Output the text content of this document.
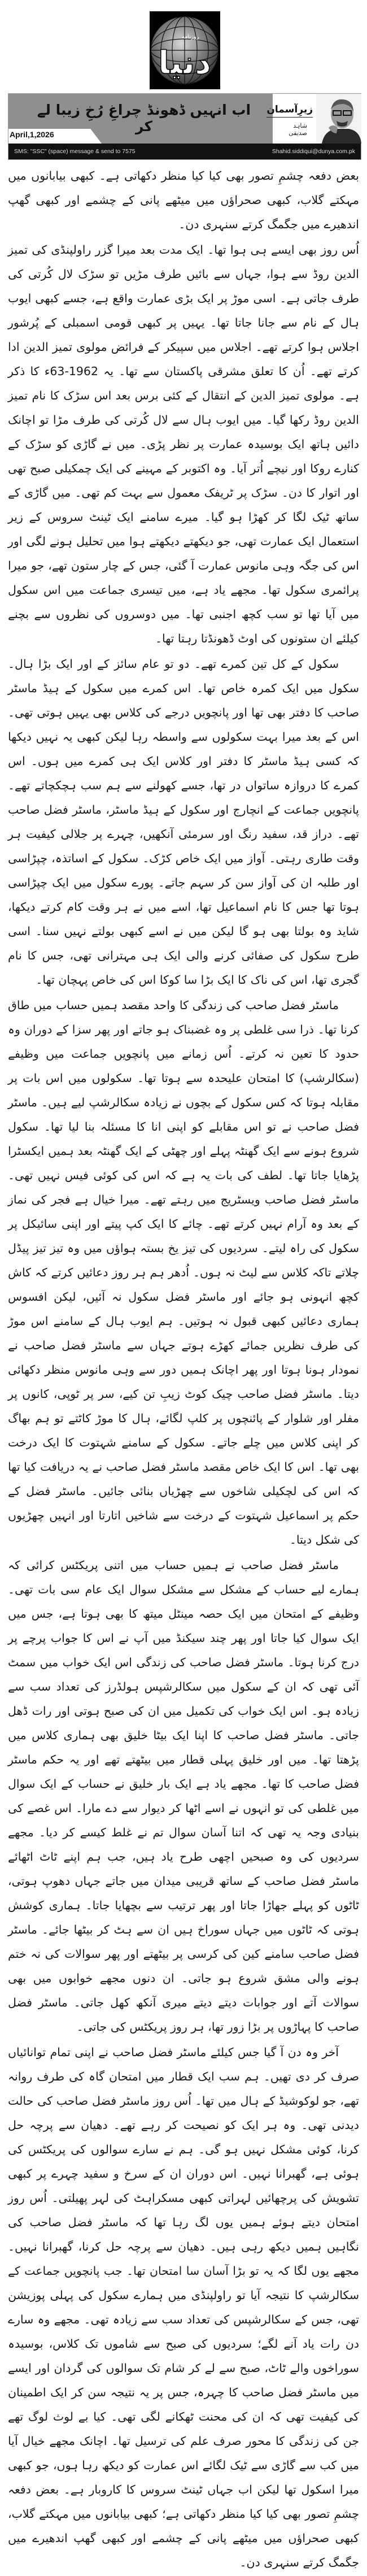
دنیا
روزنامہ
اب انہیں ڈھونڈ چراغِ رُخِ زیبا لے کر
April,1,2026
زیرِآسمان
شاہد صدیقی
SMS: "SSC" (space) message & send to 7575	Shahid.siddiqui@dunya.com.pk

بعض دفعہ چشمِ تصور بھی کیا کیا منظر دکھاتی ہے۔ کبھی بیابانوں میں مہکتے گلاب، کبھی صحراؤں میں میٹھے پانی کے چشمے اور کبھی گھپ اندھیرے میں جگمگ کرتے سنہری دن۔

اُس روز بھی ایسے ہی ہوا تھا۔ ایک مدت بعد میرا گزر راولپنڈی کی تمیز الدین روڈ سے ہوا، جہاں سے بائیں طرف مڑیں تو سڑک لال کُرتی کی طرف جاتی ہے۔ اسی موڑ پر ایک بڑی عمارت واقع ہے، جسے کبھی ایوب ہال کے نام سے جانا جاتا تھا۔ یہیں پر کبھی قومی اسمبلی کے پُرشور اجلاس ہوا کرتے تھے۔ اجلاس میں سپیکر کے فرائض مولوی تمیز الدین ادا کرتے تھے۔ اُن کا تعلق مشرقی پاکستان سے تھا۔ یہ 1962-63ء کا ذکر ہے۔ مولوی تمیز الدین کے انتقال کے کئی برس بعد اس سڑک کا نام تمیز الدین روڈ رکھا گیا۔ میں ایوب ہال سے لال کُرتی کی طرف مڑا تو اچانک دائیں ہاتھ ایک بوسیدہ عمارت پر نظر پڑی۔ میں نے گاڑی کو سڑک کے کنارے روکا اور نیچے اُتر آیا۔ وہ اکتوبر کے مہینے کی ایک چمکیلی صبح تھی اور اتوار کا دن۔ سڑک پر ٹریفک معمول سے بہت کم تھی۔ میں گاڑی کے ساتھ ٹیک لگا کر کھڑا ہو گیا۔ میرے سامنے ایک ٹینٹ سروس کے زیر استعمال ایک عمارت تھی، جو دیکھتے دیکھتے ہوا میں تحلیل ہونے لگی اور اس کی جگہ وہی مانوس عمارت آ گئی، جس کے چار ستون تھے، جو میرا پرائمری سکول تھا۔ مجھے یاد ہے، میں تیسری جماعت میں اس سکول میں آیا تھا تو سب کچھ اجنبی تھا۔ میں دوسروں کی نظروں سے بچنے کیلئے ان ستونوں کی اوٹ ڈھونڈتا رہتا تھا۔

سکول کے کل تین کمرے تھے۔ دو تو عام سائز کے اور ایک بڑا ہال۔ سکول میں ایک کمرہ خاص تھا۔ اس کمرے میں سکول کے ہیڈ ماسٹر صاحب کا دفتر بھی تھا اور پانچویں درجے کی کلاس بھی یہیں ہوتی تھی۔ اس کے بعد میرا بہت سکولوں سے واسطہ رہا لیکن کبھی یہ نہیں دیکھا کہ کسی ہیڈ ماسٹر کا دفتر اور کلاس ایک ہی کمرے میں ہوں۔ اس کمرے کا دروازہ ساتواں در تھا، جسے کھولنے سے ہم سب ہچکچاتے تھے۔ پانچویں جماعت کے انچارج اور سکول کے ہیڈ ماسٹر، ماسٹر فضل صاحب تھے۔ دراز قد، سفید رنگ اور سرمئی آنکھیں، چہرے پر جلالی کیفیت ہر وقت طاری رہتی۔ آواز میں ایک خاص کڑک۔ سکول کے اساتذہ، چپڑاسی اور طلبہ ان کی آواز سن کر سہم جاتے۔ پورے سکول میں ایک چپڑاسی ہوتا تھا جس کا نام اسماعیل تھا، اسے میں نے ہر وقت کام کرتے دیکھا، شاید وہ بولتا بھی ہو گا لیکن میں نے اسے کبھی بولتے نہیں سنا۔ اسی طرح سکول کی صفائی کرنے والی ایک ہی مہترانی تھی، جس کا نام گجری تھا، اس کی ناک کا ایک بڑا سا کوکا اس کی خاص پہچان تھا۔

ماسٹر فضل صاحب کی زندگی کا واحد مقصد ہمیں حساب میں طاق کرنا تھا۔ ذرا سی غلطی پر وہ غضبناک ہو جاتے اور پھر سزا کے دوران وہ حدود کا تعین نہ کرتے۔ اُس زمانے میں پانچویں جماعت میں وظیفے (سکالرشپ) کا امتحان علیحدہ سے ہوتا تھا۔ سکولوں میں اس بات پر مقابلہ ہوتا کہ کس سکول کے بچوں نے زیادہ سکالرشپ لیے ہیں۔ ماسٹر فضل صاحب نے تو اس مقابلے کو اپنی انا کا مسئلہ بنا لیا تھا۔ سکول شروع ہونے سے ایک گھنٹہ پہلے اور چھٹی کے ایک گھنٹہ بعد ہمیں ایکسٹرا پڑھایا جاتا تھا۔ لطف کی بات یہ ہے کہ اس کی کوئی فیس نہیں تھی۔ ماسٹر فضل صاحب ویسٹریج میں رہتے تھے۔ میرا خیال ہے فجر کی نماز کے بعد وہ آرام نہیں کرتے تھے۔ چائے کا ایک کپ پیتے اور اپنی سائیکل پر سکول کی راہ لیتے۔ سردیوں کی تیز یخ بستہ ہواؤں میں وہ تیز تیز پیڈل چلاتے تاکہ کلاس سے لیٹ نہ ہوں۔ اُدھر ہم ہر روز دعائیں کرتے کہ کاش کچھ انہونی ہو جائے اور ماسٹر فضل سکول نہ آئیں، لیکن افسوس ہماری دعائیں کبھی قبول نہ ہوتیں۔ ہم ایوب ہال کے سامنے اس موڑ کی طرف نظریں جمائے کھڑے ہوتے جہاں سے ماسٹر فضل صاحب نے نمودار ہونا ہوتا اور پھر اچانک ہمیں دور سے وہی مانوس منظر دکھائی دیتا۔ ماسٹر فضل صاحب چیک کوٹ زیبِ تن کیے، سر پر ٹوپی، کانوں پر مفلر اور شلوار کے پائنچوں پر کلپ لگائے، ہال کا موڑ کاٹتے تو ہم بھاگ کر اپنی کلاس میں چلے جاتے۔ سکول کے سامنے شہتوت کا ایک درخت بھی تھا۔ اس کا ایک خاص مقصد ماسٹر فضل صاحب نے یہ دریافت کیا تھا کہ اس کی لچکیلی شاخوں سے چھڑیاں بنائی جائیں۔ ماسٹر فضل کے حکم پر اسماعیل شہتوت کے درخت سے شاخیں اتارتا اور انہیں چھڑیوں کی شکل دیتا۔

ماسٹر فضل صاحب نے ہمیں حساب میں اتنی پریکٹس کرائی کہ ہمارے لیے حساب کے مشکل سے مشکل سوال ایک عام سی بات تھی۔ وظیفے کے امتحان میں ایک حصہ مینٹل میتھ کا بھی ہوتا ہے، جس میں ایک سوال کیا جاتا اور پھر چند سیکنڈ میں آپ نے اس کا جواب پرچے پر درج کرنا ہوتا۔ ماسٹر فضل صاحب کی زندگی اس ایک خواب میں سمٹ آئی تھی کہ ان کے سکول میں سکالرشپس ہولڈرز کی تعداد سب سے زیادہ ہو۔ اس ایک خواب کی تکمیل میں ان کی صبح ہوتی اور رات ڈھل جاتی۔ ماسٹر فضل صاحب کا اپنا ایک بیٹا خلیق بھی ہماری کلاس میں پڑھتا تھا۔ میں اور خلیق پہلی قطار میں بیٹھتے تھے اور یہ حکم ماسٹر فضل صاحب کا تھا۔ مجھے یاد ہے ایک بار خلیق نے حساب کے ایک سوال میں غلطی کی تو انہوں نے اسے اٹھا کر دیوار سے دے مارا۔ اس غصے کی بنیادی وجہ یہ تھی کہ اتنا آسان سوال تم نے غلط کیسے کر دیا۔ مجھے سردیوں کی وہ صبحیں اچھی طرح یاد ہیں، جب ہم اپنے ٹاٹ اٹھائے ماسٹر فضل صاحب کے ساتھ قریبی میدان میں جاتے جہاں دھوپ ہوتی، ٹاٹوں کو پہلے جھاڑا جاتا اور پھر ترتیب سے بچھایا جاتا۔ ہماری کوشش ہوتی کہ ٹاٹوں میں جہاں سوراخ ہیں ان سے ہٹ کر بیٹھا جائے۔ ماسٹر فضل صاحب سامنے کین کی کرسی پر بیٹھتے اور پھر سوالات کی نہ ختم ہونے والی مشق شروع ہو جاتی۔ ان دنوں مجھے خوابوں میں بھی سوالات آتے اور جوابات دیتے دیتے میری آنکھ کھل جاتی۔ ماسٹر فضل صاحب کا پہاڑوں پر بڑا زور تھا، ہر روز پریکٹس کی جاتی۔

آخر وہ دن آ گیا جس کیلئے ماسٹر فضل صاحب نے اپنی تمام توانائیاں صرف کر دی تھیں۔ ہم سب ایک قطار میں امتحان گاہ کی طرف روانہ تھے، جو لوکوشیڈ کے ہال میں تھا۔ اُس روز ماسٹر فضل صاحب کی حالت دیدنی تھی۔ وہ ہر ایک کو نصیحت کر رہے تھے۔ دھیان سے پرچہ حل کرنا، کوئی مشکل نہیں ہو گی۔ ہم نے سارے سوالوں کی پریکٹس کی ہوئی ہے، گھبرانا نہیں۔ اس دوران ان کے سرخ و سفید چہرے پر کبھی تشویش کی پرچھائیں لہراتی کبھی مسکراہٹ کی لہر پھیلتی۔ اُس روز امتحان دیتے ہوئے ہمیں یوں لگ رہا تھا کہ ماسٹر فضل صاحب کی نگاہیں ہمیں دیکھ رہی ہیں۔ دھیان سے پرچہ حل کرنا، گھبرانا نہیں۔ مجھے یوں لگا کہ یہ تو بڑا آسان سا امتحان تھا۔ جب پانچویں جماعت کے سکالرشپ کا نتیجہ آیا تو راولپنڈی میں ہمارے سکول کی پہلی پوزیشن تھی، جس کے سکالرشپس کی تعداد سب سے زیادہ تھی۔ مجھے وہ سارے دن رات یاد آنے لگے؛ سردیوں کی صبح سے شاموں تک کلاس، بوسیدہ سوراخوں والے ٹاٹ، صبح سے لے کر شام تک سوالوں کی گردان اور ایسے میں ماسٹر فضل صاحب کا چہرہ، جس پر یہ نتیجہ سن کر ایک اطمینان کی کیفیت تھی کہ ان کی محنت ٹھکانے لگی تھی۔ کیا بے لوث لوگ تھے جن کی زندگی کا محور صرف علم کی ترسیل تھا۔ اچانک مجھے خیال آیا میں کب سے گاڑی سے ٹیک لگائے اس عمارت کو دیکھ رہا ہوں، جو کبھی میرا اسکول تھا لیکن اب جہاں ٹینٹ سروس کا کاروبار ہے۔ بعض دفعہ چشمِ تصور بھی کیا کیا منظر دکھاتی ہے؛ کبھی بیابانوں میں مہکتے گلاب، کبھی صحراؤں میں میٹھے پانی کے چشمے اور کبھی گھپ اندھیرے میں جگمگ کرتے سنہری دن۔
